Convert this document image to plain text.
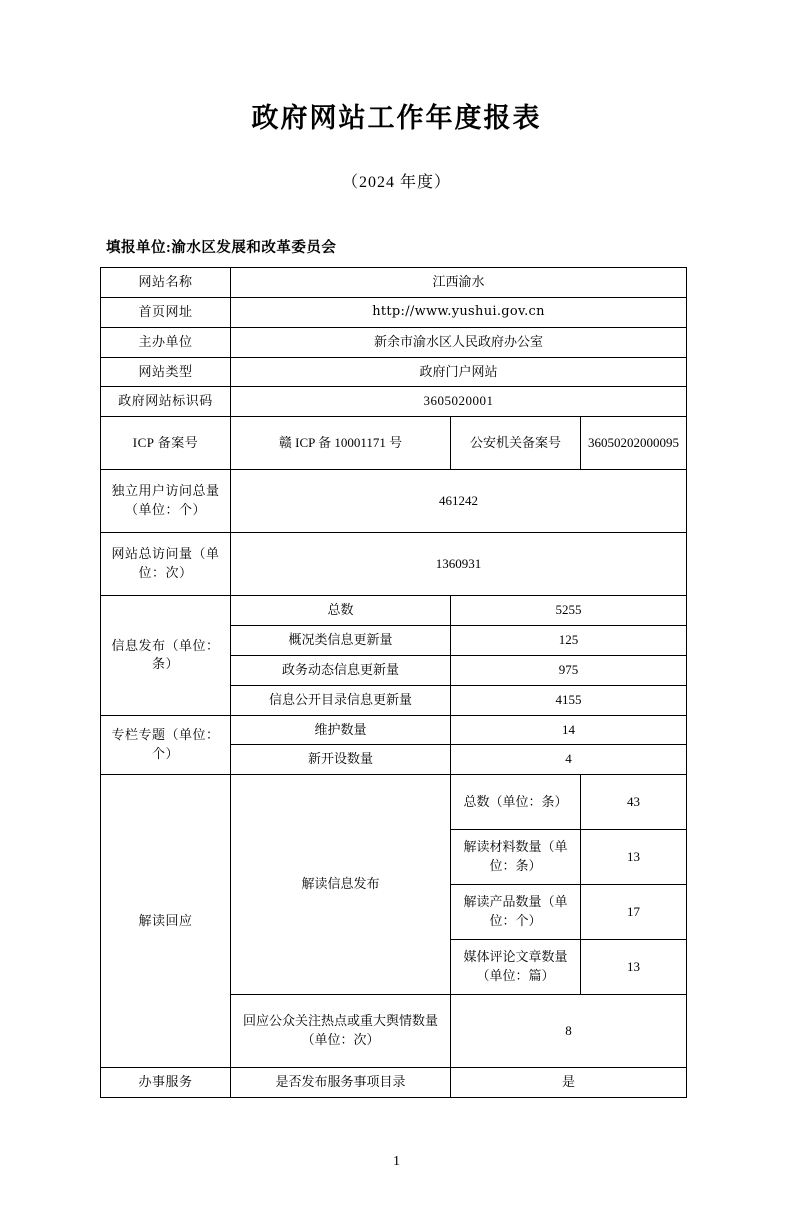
政府网站工作年度报表
（2024 年度）
填报单位:渝水区发展和改革委员会
网站名称	江西渝水		
首页网址	http://www.yushui.gov.cn		
主办单位	新余市渝水区人民政府办公室		
网站类型	政府门户网站		
政府网站标识码	3605020001		
ICP 备案号	赣 ICP 备 10001171 号	公安机关备案号	36050202000095
独立用户访问总量（单位：个）	461242		
网站总访问量（单位：次）	1360931		
信息发布（单位：条）	总数	5255	
	概况类信息更新量	125	
	政务动态信息更新量	975	
	信息公开目录信息更新量	4155	
专栏专题（单位：个）	维护数量	14	
	新开设数量	4	
解读回应	解读信息发布	总数（单位：条）	43
		解读材料数量（单位：条）	13
		解读产品数量（单位：个）	17
		媒体评论文章数量（单位：篇）	13
	回应公众关注热点或重大舆情数量（单位：次）	8	
办事服务	是否发布服务事项目录	是	
1
